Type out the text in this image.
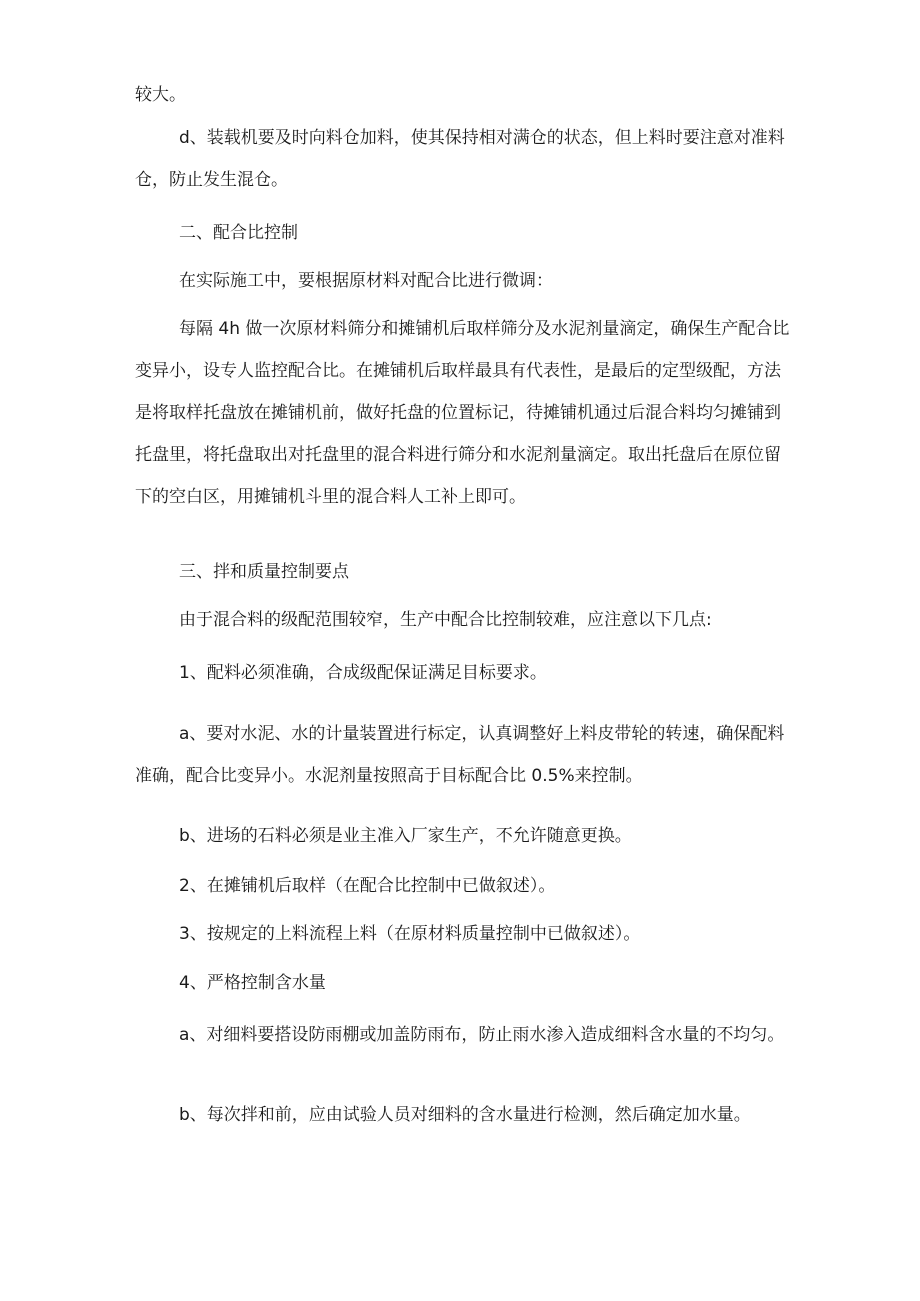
较大。

d、装载机要及时向料仓加料，使其保持相对满仓的状态，但上料时要注意对准料仓，防止发生混仓。

二、配合比控制

在实际施工中，要根据原材料对配合比进行微调：

每隔 4h 做一次原材料筛分和摊铺机后取样筛分及水泥剂量滴定，确保生产配合比变异小，设专人监控配合比。在摊铺机后取样最具有代表性，是最后的定型级配，方法是将取样托盘放在摊铺机前，做好托盘的位置标记，待摊铺机通过后混合料均匀摊铺到托盘里，将托盘取出对托盘里的混合料进行筛分和水泥剂量滴定。取出托盘后在原位留下的空白区，用摊铺机斗里的混合料人工补上即可。

三、拌和质量控制要点

由于混合料的级配范围较窄，生产中配合比控制较难，应注意以下几点:

1、配料必须准确，合成级配保证满足目标要求。

a、要对水泥、水的计量装置进行标定，认真调整好上料皮带轮的转速，确保配料准确，配合比变异小。水泥剂量按照高于目标配合比 0.5%来控制。

b、进场的石料必须是业主准入厂家生产，不允许随意更换。

2、在摊铺机后取样（在配合比控制中已做叙述）。

3、按规定的上料流程上料（在原材料质量控制中已做叙述）。

4、严格控制含水量

a、对细料要搭设防雨棚或加盖防雨布，防止雨水渗入造成细料含水量的不均匀。

b、每次拌和前，应由试验人员对细料的含水量进行检测，然后确定加水量。
